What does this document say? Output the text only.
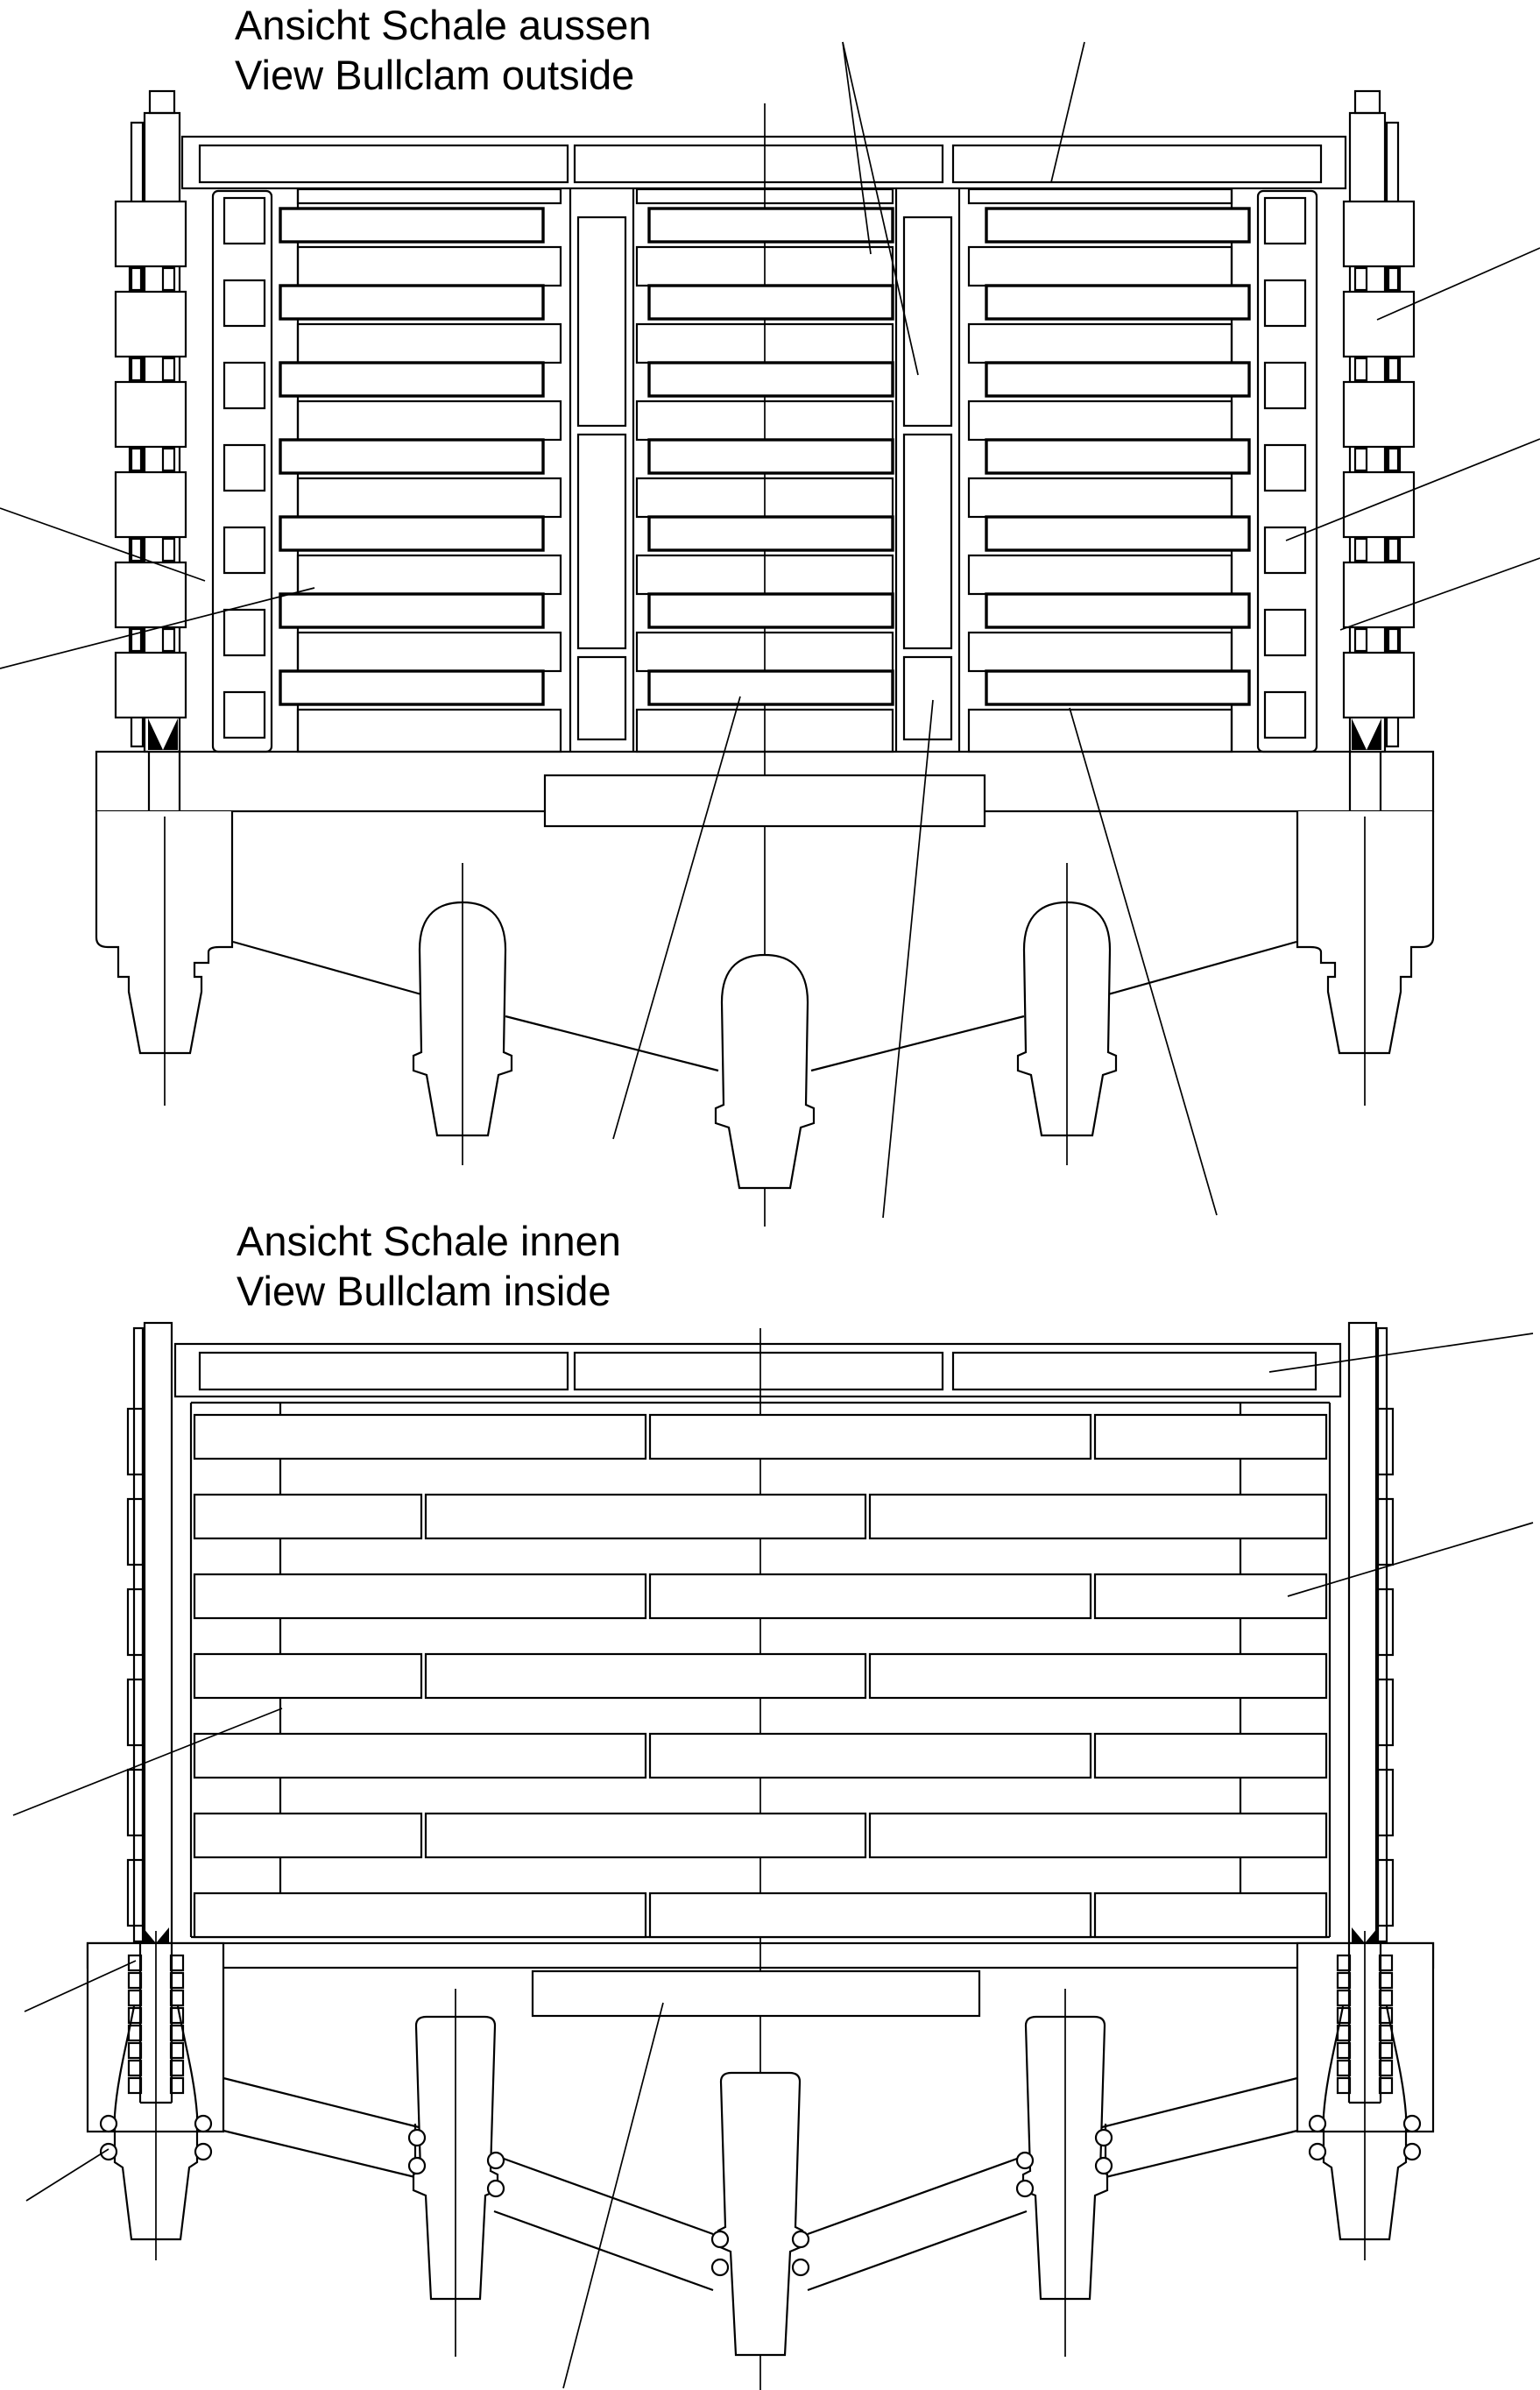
Ansicht Schale aussen
View Bullclam outside
Ansicht Schale innen
View Bullclam inside
